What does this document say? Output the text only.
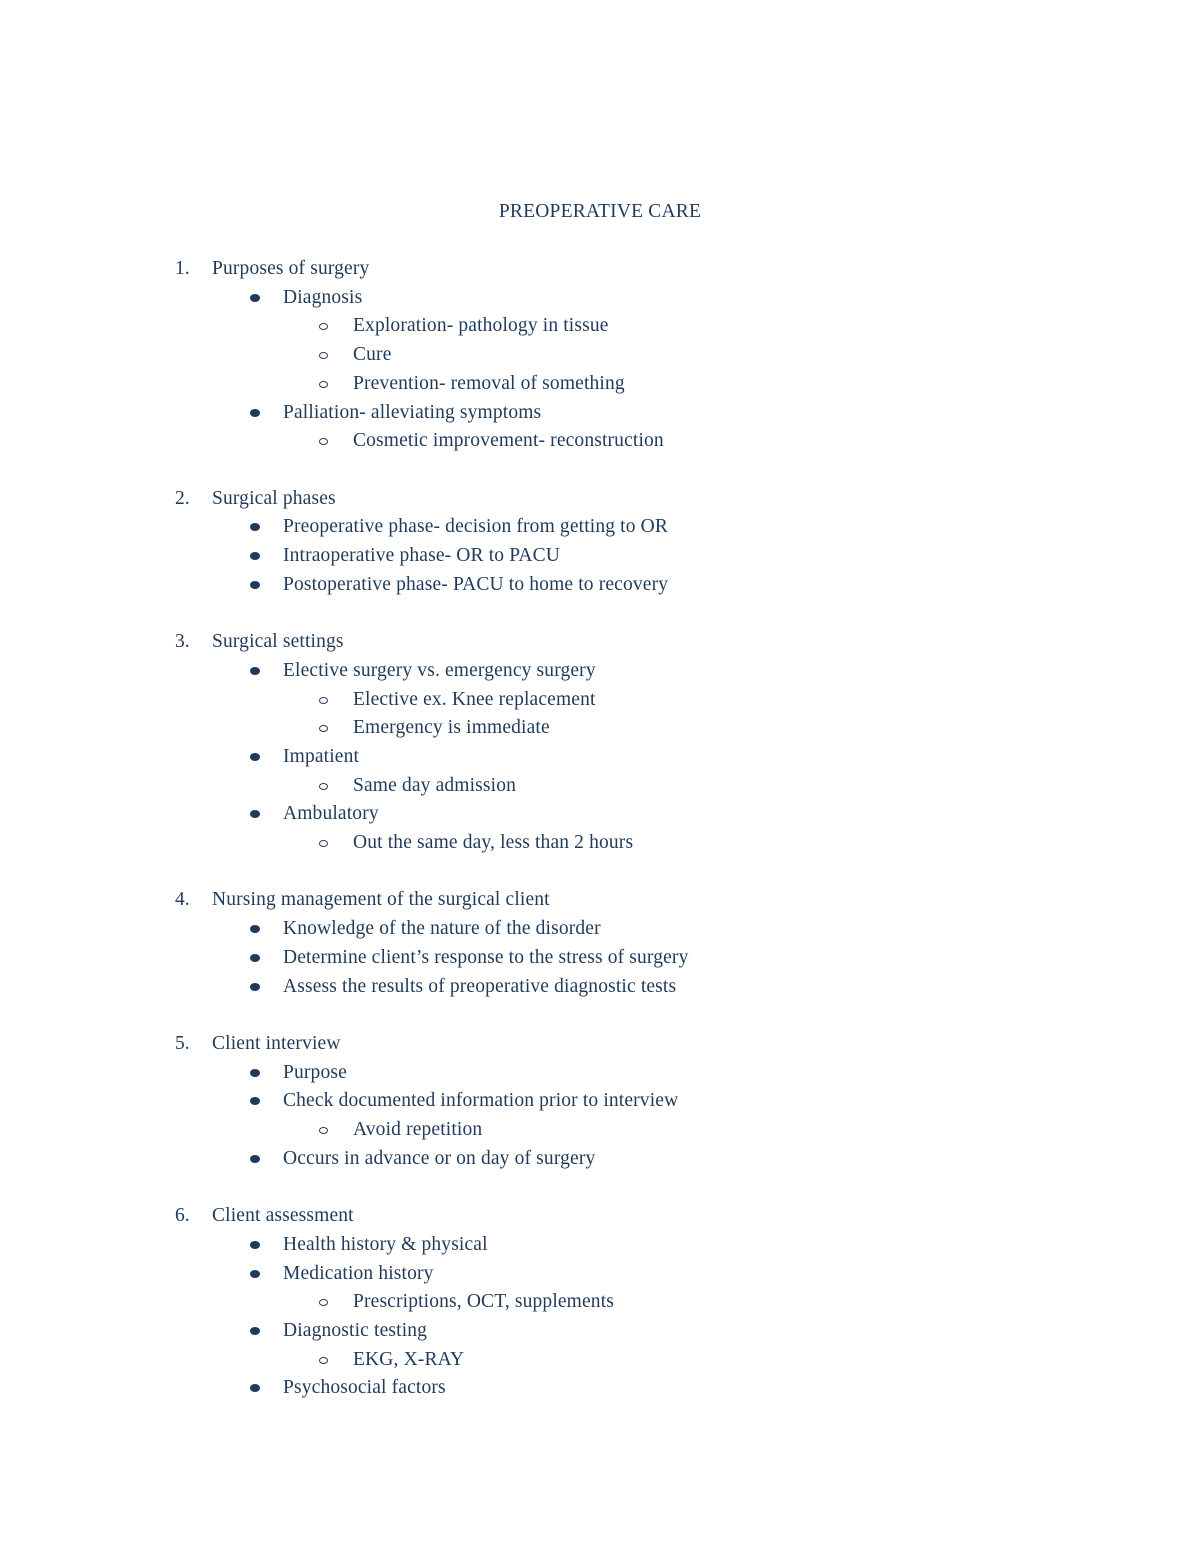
PREOPERATIVE CARE
1. Purposes of surgery
Diagnosis
Exploration- pathology in tissue
Cure
Prevention- removal of something
Palliation- alleviating symptoms
Cosmetic improvement- reconstruction
2. Surgical phases
Preoperative phase- decision from getting to OR
Intraoperative phase- OR to PACU
Postoperative phase- PACU to home to recovery
3. Surgical settings
Elective surgery vs. emergency surgery
Elective ex. Knee replacement
Emergency is immediate
Impatient
Same day admission
Ambulatory
Out the same day, less than 2 hours
4. Nursing management of the surgical client
Knowledge of the nature of the disorder
Determine client’s response to the stress of surgery
Assess the results of preoperative diagnostic tests
5. Client interview
Purpose
Check documented information prior to interview
Avoid repetition
Occurs in advance or on day of surgery
6. Client assessment
Health history & physical
Medication history
Prescriptions, OCT, supplements
Diagnostic testing
EKG, X-RAY
Psychosocial factors
